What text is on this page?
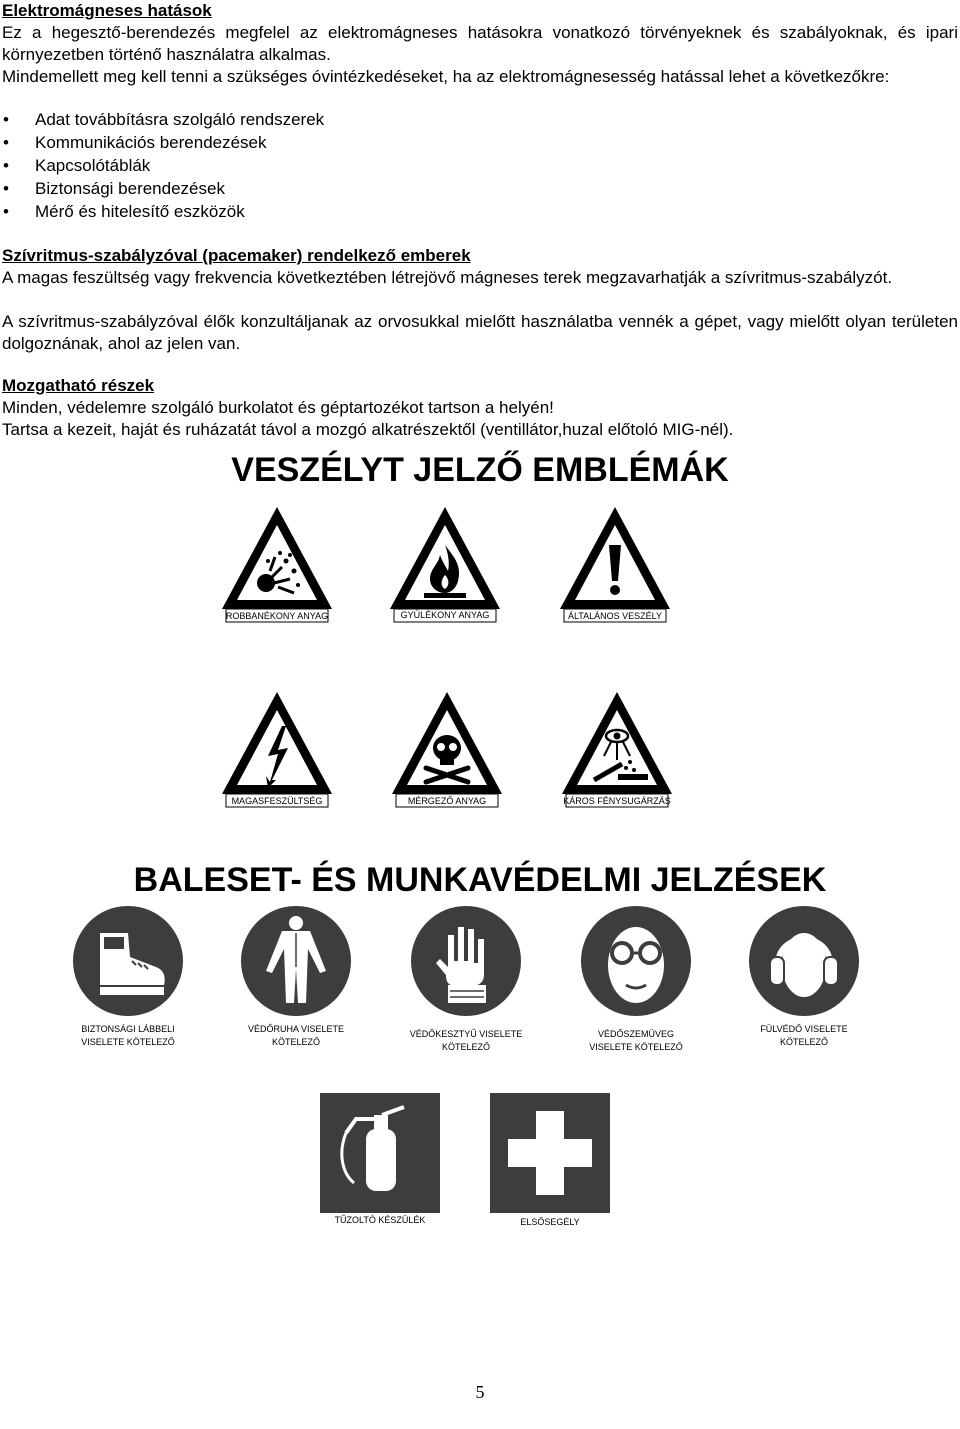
Elektromágneses hatások
Ez a hegesztő-berendezés megfelel az elektromágneses hatásokra vonatkozó törvényeknek és szabályoknak, és ipari környezetben történő használatra alkalmas.
Mindemellett meg kell tenni a szükséges óvintézkedéseket, ha az elektromágnesesség hatással lehet a következőkre:
• Adat továbbításra szolgáló rendszerek
• Kommunikációs berendezések
• Kapcsolótáblák
• Biztonsági berendezések
• Mérő és hitelesítő eszközök
Szívritmus-szabályzóval (pacemaker) rendelkező emberek
A magas feszültség vagy frekvencia következtében létrejövő mágneses terek megzavarhatják a szívritmus-szabályzót.
A szívritmus-szabályzóval élők konzultáljanak az orvosukkal mielőtt használatba vennék a gépet, vagy mielőtt olyan területen dolgoznának, ahol az jelen van.
Mozgatható részek
Minden, védelemre szolgáló burkolatot és géptartozékot tartson a helyén!
Tartsa a kezeit, haját és ruházatát távol a mozgó alkatrészektől (ventillátor,huzal előtoló MIG-nél).
VESZÉLYT JELZŐ EMBLÉMÁK
ROBBANÉKONY ANYAG	GYÚLÉKONY ANYAG	ÁLTALÁNOS VESZÉLY
MAGASFESZÜLTSÉG	MÉRGEZŐ ANYAG	KÁROS FÉNYSUGÁRZÁS
BALESET- ÉS MUNKAVÉDELMI JELZÉSEK
BIZTONSÁGI LÁBBELI
VISELETE KÖTELEZŐ
VÉDŐRUHA VISELETE
KÖTELEZŐ
VÉDŐKESZTYŰ VISELETE
KÖTELEZŐ
VÉDŐSZEMÜVEG
VISELETE KÖTELEZŐ
FÜLVÉDŐ VISELETE
KÖTELEZŐ
TŰZOLTÓ KÉSZÜLÉK	ELSŐSEGÉLY
5
